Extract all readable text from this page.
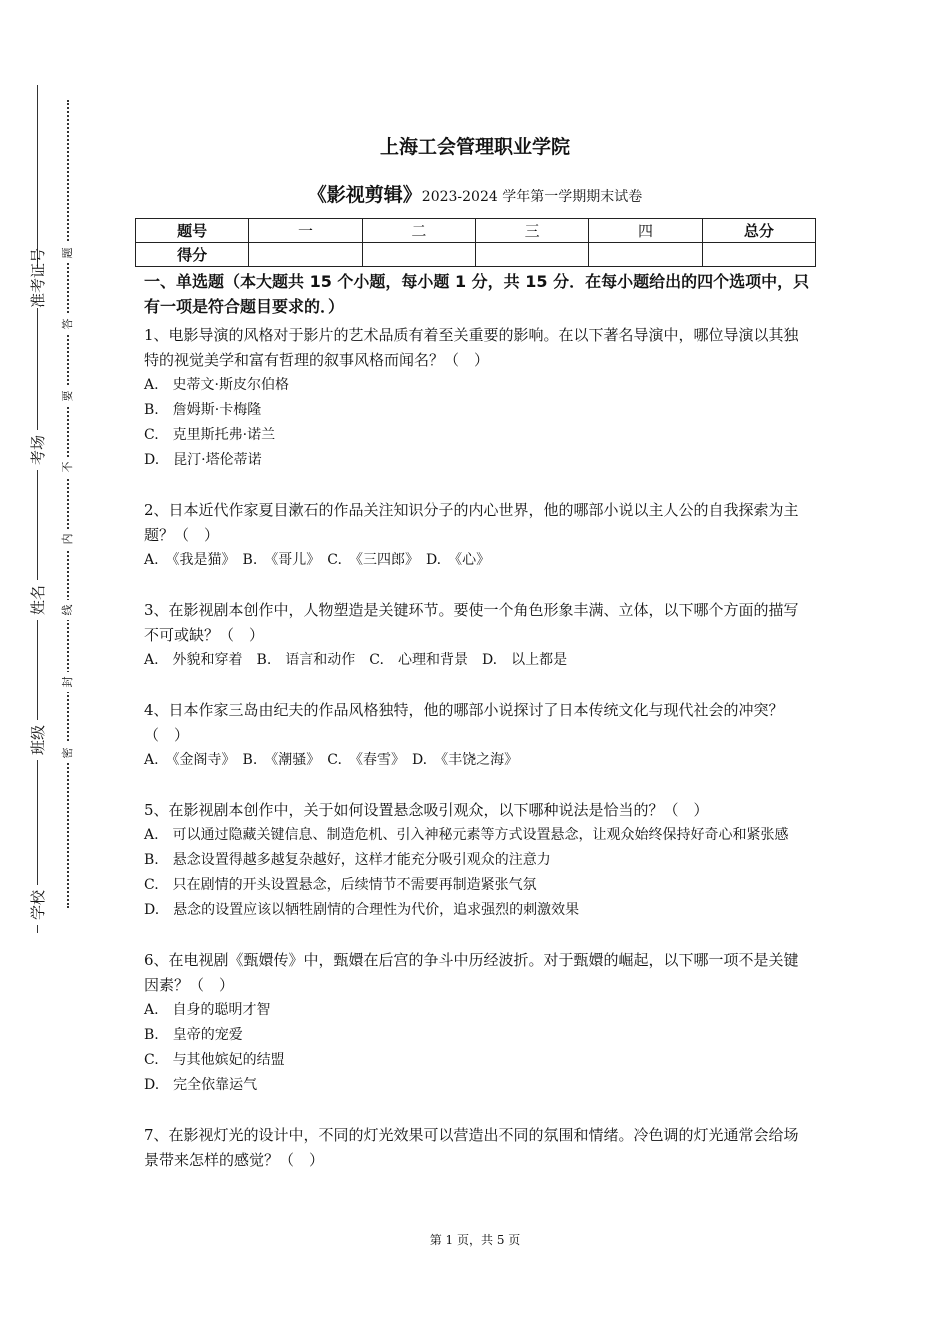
学校
班级
姓名
考场
准考证号	题
答
要
不
内
线
封
密
上海工会管理职业学院
《影视剪辑》2023-2024 学年第一学期期末试卷
题号	一	二	三	四	总分
得分					

一、单选题（本大题共 15 个小题，每小题 1 分，共 15 分．在每小题给出的四个选项中，只有一项是符合题目要求的．）

1、电影导演的风格对于影片的艺术品质有着至关重要的影响。在以下著名导演中，哪位导演以其独特的视觉美学和富有哲理的叙事风格而闻名？（　）

A.　史蒂文·斯皮尔伯格

B.　詹姆斯·卡梅隆

C.　克里斯托弗·诺兰

D.　昆汀·塔伦蒂诺

2、日本近代作家夏目漱石的作品关注知识分子的内心世界，他的哪部小说以主人公的自我探索为主题？（　）

A.　《我是猫》　B.　《哥儿》　C.　《三四郎》　D.　《心》

3、在影视剧本创作中，人物塑造是关键环节。要使一个角色形象丰满、立体，以下哪个方面的描写不可或缺？（　）

A.　外貌和穿着　B.　语言和动作　C.　心理和背景　D.　以上都是

4、日本作家三岛由纪夫的作品风格独特，他的哪部小说探讨了日本传统文化与现代社会的冲突？（　）

A.　《金阁寺》　B.　《潮骚》　C.　《春雪》　D.　《丰饶之海》

5、在影视剧本创作中，关于如何设置悬念吸引观众，以下哪种说法是恰当的？（　）

A.　可以通过隐藏关键信息、制造危机、引入神秘元素等方式设置悬念，让观众始终保持好奇心和紧张感

B.　悬念设置得越多越复杂越好，这样才能充分吸引观众的注意力

C.　只在剧情的开头设置悬念，后续情节不需要再制造紧张气氛

D.　悬念的设置应该以牺牲剧情的合理性为代价，追求强烈的刺激效果

6、在电视剧《甄嬛传》中，甄嬛在后宫的争斗中历经波折。对于甄嬛的崛起，以下哪一项不是关键因素？（　）

A.　自身的聪明才智

B.　皇帝的宠爱

C.　与其他嫔妃的结盟

D.　完全依靠运气

7、在影视灯光的设计中，不同的灯光效果可以营造出不同的氛围和情绪。冷色调的灯光通常会给场景带来怎样的感觉？（　）

第 1 页，共 5 页
